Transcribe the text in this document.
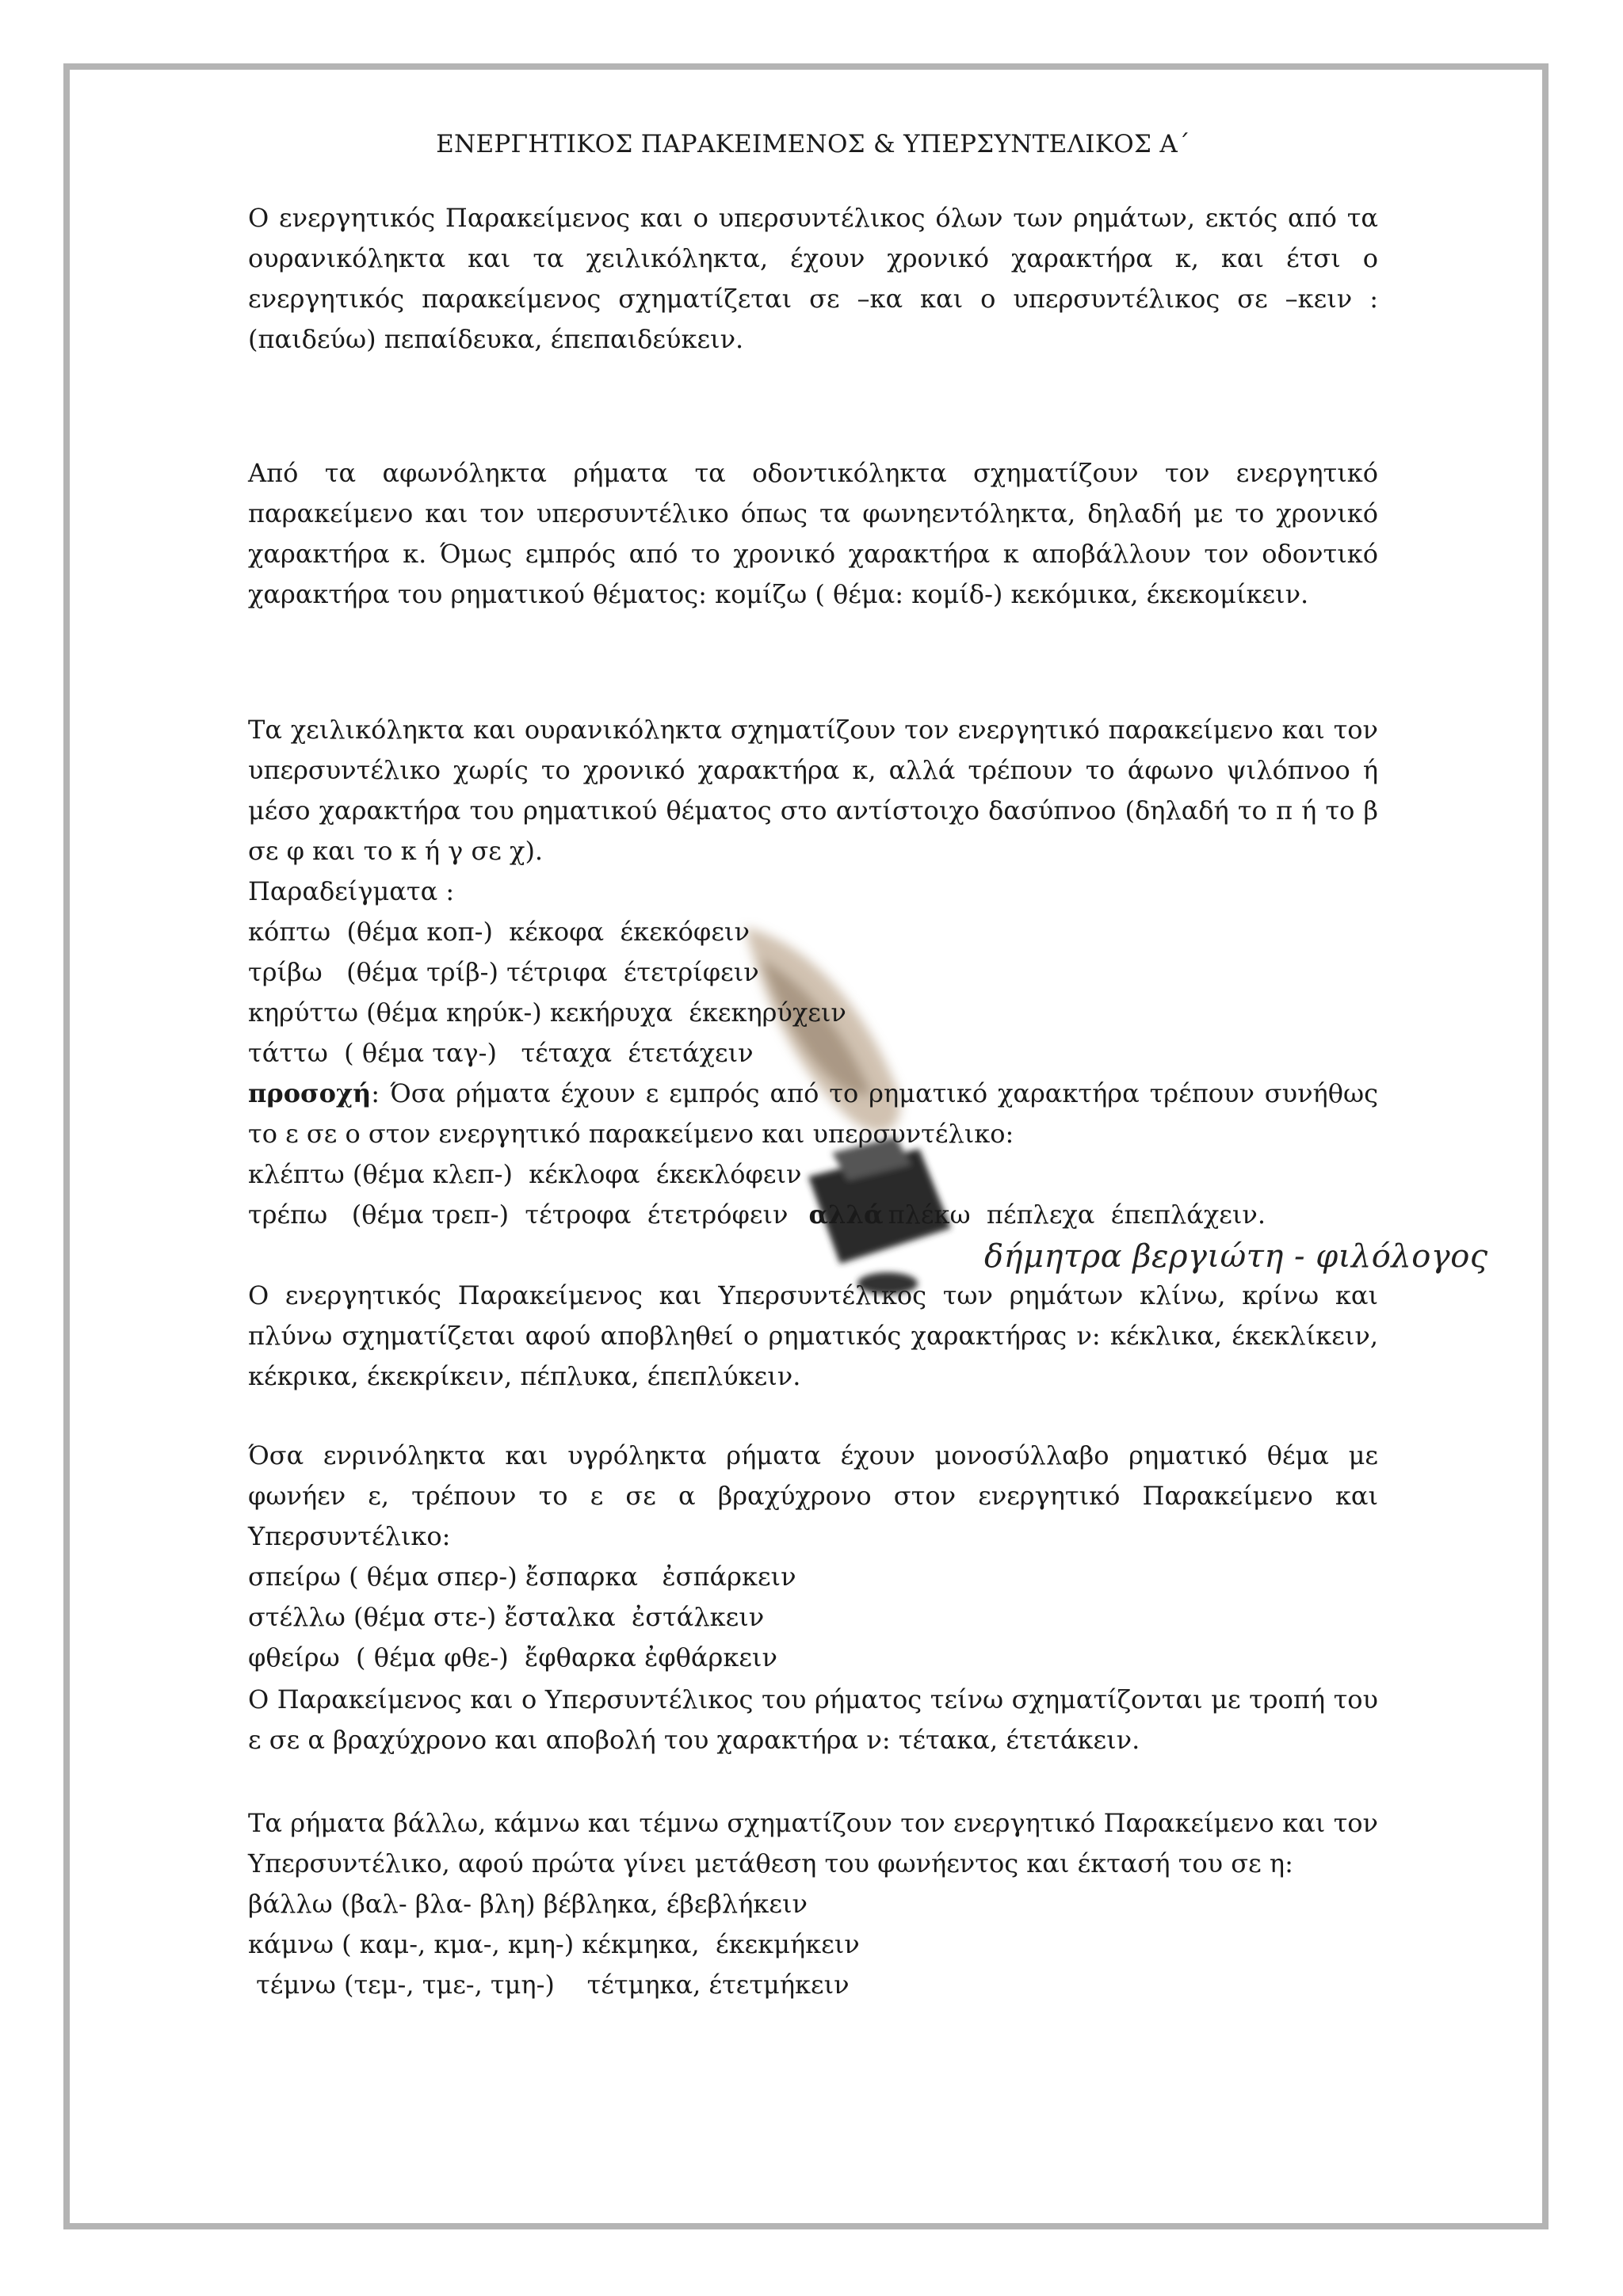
ΕΝΕΡΓΗΤΙΚΟΣ ΠΑΡΑΚΕΙΜΕΝΟΣ & ΥΠΕΡΣΥΝΤΕΛΙΚΟΣ Α΄

Ο ενεργητικός Παρακείμενος και ο υπερσυντέλικος όλων των ρημάτων, εκτός από τα ουρανικόληκτα και τα χειλικόληκτα, έχουν χρονικό χαρακτήρα κ, και έτσι ο ενεργητικός παρακείμενος σχηματίζεται σε –κα και ο υπερσυντέλικος σε –κειν : (παιδεύω) πεπαίδευκα, έπεπαιδεύκειν.

Από τα αφωνόληκτα ρήματα τα οδοντικόληκτα σχηματίζουν τον ενεργητικό παρακείμενο και τον υπερσυντέλικο όπως τα φωνηεντόληκτα, δηλαδή με το χρονικό χαρακτήρα κ. Όμως εμπρός από το χρονικό χαρακτήρα κ αποβάλλουν τον οδοντικό χαρακτήρα του ρηματικού θέματος: κομίζω ( θέμα: κομίδ-) κεκόμικα, έκεκομίκειν.

Τα χειλικόληκτα και ουρανικόληκτα σχηματίζουν τον ενεργητικό παρακείμενο και τον υπερσυντέλικο χωρίς το χρονικό χαρακτήρα κ, αλλά τρέπουν το άφωνο ψιλόπνοο ή μέσο χαρακτήρα του ρηματικού θέματος στο αντίστοιχο δασύπνοο (δηλαδή το π ή το β σε φ και το κ ή γ σε χ).

Παραδείγματα :
κόπτω  (θέμα κοπ-)  κέκοφα  έκεκόφειν
τρίβω   (θέμα τρίβ-) τέτριφα  έτετρίφειν
κηρύττω (θέμα κηρύκ-) κεκήρυχα  έκεκηρύχειν
τάττω  ( θέμα ταγ-)   τέταχα  έτετάχειν

προσοχή: Όσα ρήματα έχουν ε εμπρός από το ρηματικό χαρακτήρα τρέπουν συνήθως το ε σε ο στον ενεργητικό παρακείμενο και υπερσυντέλικο:

κλέπτω (θέμα κλεπ-)  κέκλοφα  έκεκλόφειν
τρέπω   (θέμα τρεπ-)  τέτροφα  έτετρόφειν αλλά πλέκω  πέπλεχα  έπεπλάχειν.

Ο ενεργητικός Παρακείμενος και Υπερσυντέλικος των ρημάτων κλίνω, κρίνω και πλύνω σχηματίζεται αφού αποβληθεί ο ρηματικός χαρακτήρας ν: κέκλικα, έκεκλίκειν, κέκρικα, έκεκρίκειν, πέπλυκα, έπεπλύκειν.

Όσα ενρινόληκτα και υγρόληκτα ρήματα έχουν μονοσύλλαβο ρηματικό θέμα με φωνήεν ε, τρέπουν το ε σε α βραχύχρονο στον ενεργητικό Παρακείμενο και Υπερσυντέλικο:

σπείρω ( θέμα σπερ-) ἔσπαρκα   ἐσπάρκειν
στέλλω (θέμα στε-) ἔσταλκα  ἐστάλκειν
φθείρω  ( θέμα φθε-)  ἔφθαρκα ἐφθάρκειν

Ο Παρακείμενος και ο Υπερσυντέλικος του ρήματος τείνω σχηματίζονται με τροπή του ε σε α βραχύχρονο και αποβολή του χαρακτήρα ν: τέτακα, έτετάκειν.

Τα ρήματα βάλλω, κάμνω και τέμνω σχηματίζουν τον ενεργητικό Παρακείμενο και τον Υπερσυντέλικο, αφού πρώτα γίνει μετάθεση του φωνήεντος και έκτασή του σε η:

βάλλω (βαλ- βλα- βλη) βέβληκα, έβεβλήκειν
κάμνω ( καμ-, κμα-, κμη-) κέκμηκα,  έκεκμήκειν
τέμνω (τεμ-, τμε-, τμη-)    τέτμηκα, έτετμήκειν
δήμητρα βεργιώτη - φιλόλογος
